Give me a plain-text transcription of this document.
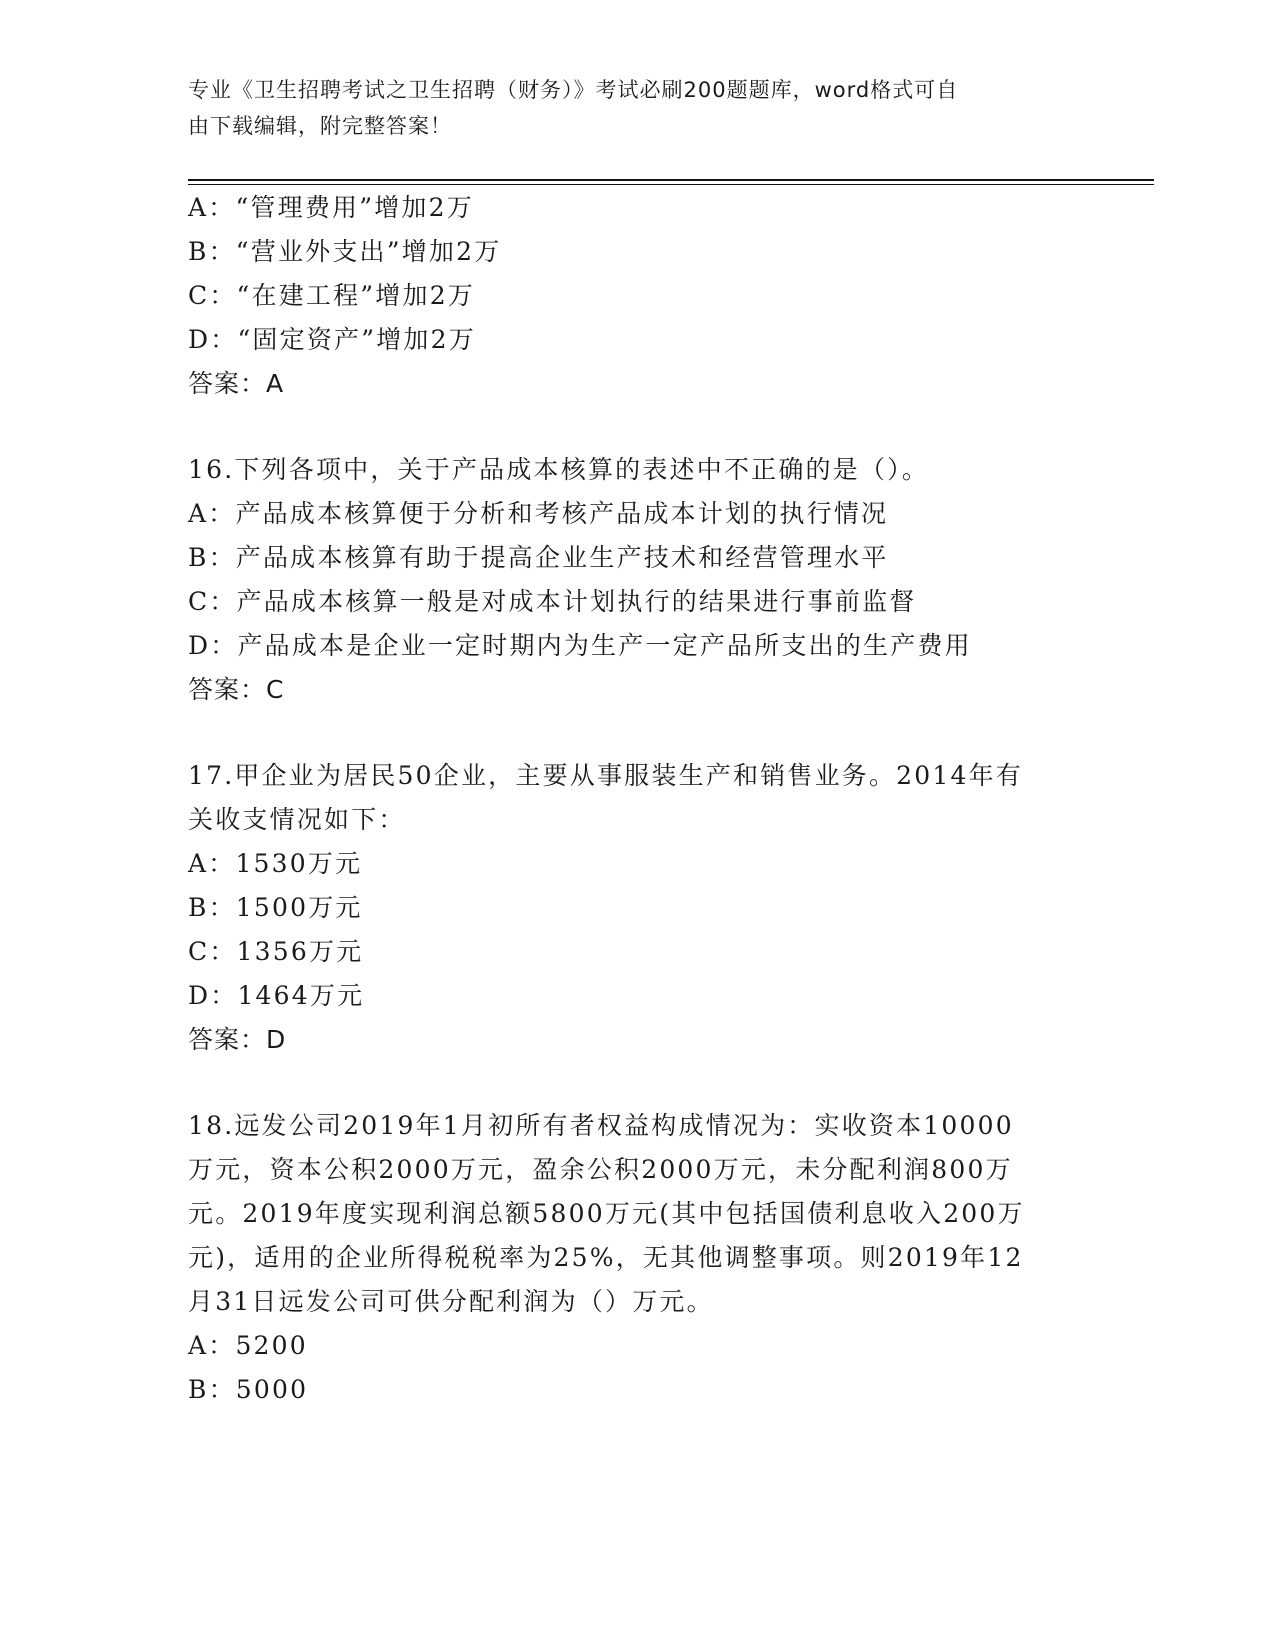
专业《卫生招聘考试之卫生招聘（财务）》考试必刷200题题库，word格式可自
由下载编辑，附完整答案！
A：“管理费用”增加2万
B：“营业外支出”增加2万
C：“在建工程”增加2万
D：“固定资产”增加2万
答案：A
16.下列各项中，关于产品成本核算的表述中不正确的是（）。
A：产品成本核算便于分析和考核产品成本计划的执行情况
B：产品成本核算有助于提高企业生产技术和经营管理水平
C：产品成本核算一般是对成本计划执行的结果进行事前监督
D：产品成本是企业一定时期内为生产一定产品所支出的生产费用
答案：C
17.甲企业为居民50企业，主要从事服装生产和销售业务。2014年有
关收支情况如下：
A：1530万元
B：1500万元
C：1356万元
D：1464万元
答案：D
18.远发公司2019年1月初所有者权益构成情况为：实收资本10000
万元，资本公积2000万元，盈余公积2000万元，未分配利润800万
元。2019年度实现利润总额5800万元(其中包括国债利息收入200万
元)，适用的企业所得税税率为25%，无其他调整事项。则2019年12
月31日远发公司可供分配利润为（）万元。
A：5200
B：5000
